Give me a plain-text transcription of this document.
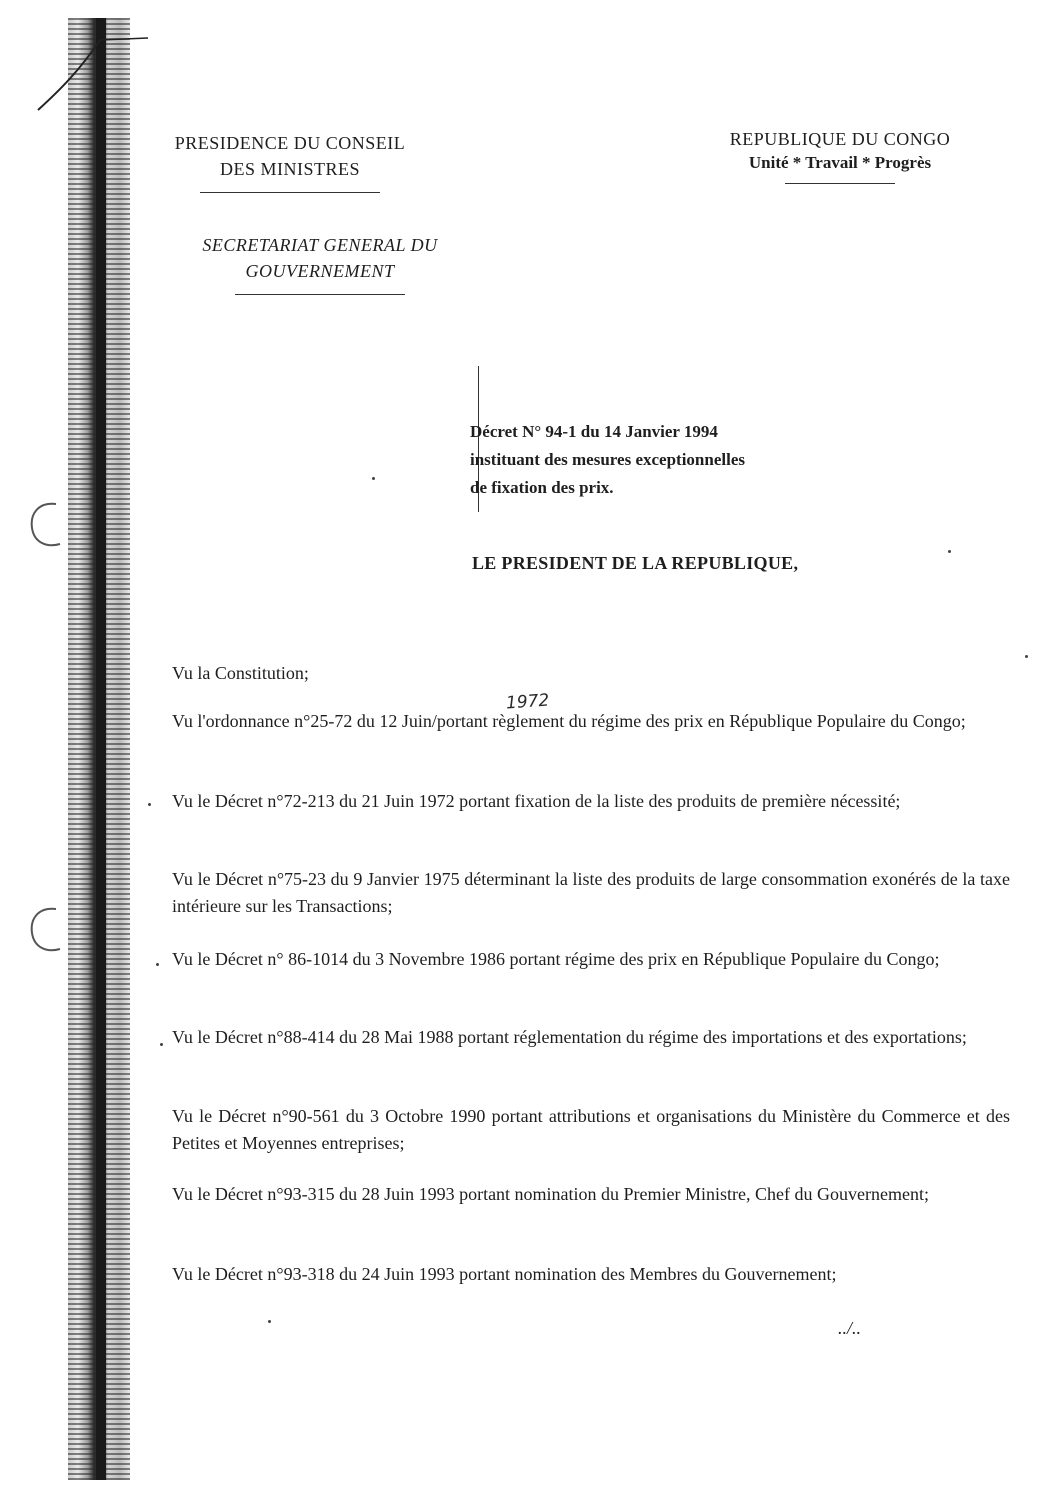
PRESIDENCE DU CONSEIL
DES MINISTRES
SECRETARIAT GENERAL DU
GOUVERNEMENT
REPUBLIQUE DU CONGO
Unité * Travail * Progrès
Décret N° 94-1 du 14 Janvier 1994
instituant des mesures exceptionnelles
de fixation des prix.
LE PRESIDENT DE LA REPUBLIQUE,

Vu la Constitution;

Vu l'ordonnance n°25-72 du 12 Juin/portant règlement du régime des prix en République Populaire du Congo;

Vu le Décret n°72-213 du 21 Juin 1972 portant fixation de la liste des produits de première nécessité;

Vu le Décret n°75-23 du 9 Janvier 1975 déterminant la liste des produits de large consommation exonérés de la taxe intérieure sur les Transactions;

Vu le Décret n° 86-1014 du 3 Novembre 1986 portant régime des prix en République Populaire du Congo;

Vu le Décret n°88-414 du 28 Mai 1988 portant réglementation du régime des importations et des exportations;

Vu le Décret n°90-561 du 3 Octobre 1990 portant attributions et organisations du Ministère du Commerce et des Petites et Moyennes entreprises;

Vu le Décret n°93-315 du 28 Juin 1993 portant nomination du Premier Ministre, Chef du Gouvernement;

Vu le Décret n°93-318 du 24 Juin 1993 portant nomination des Membres du Gouvernement;

1972
../..
